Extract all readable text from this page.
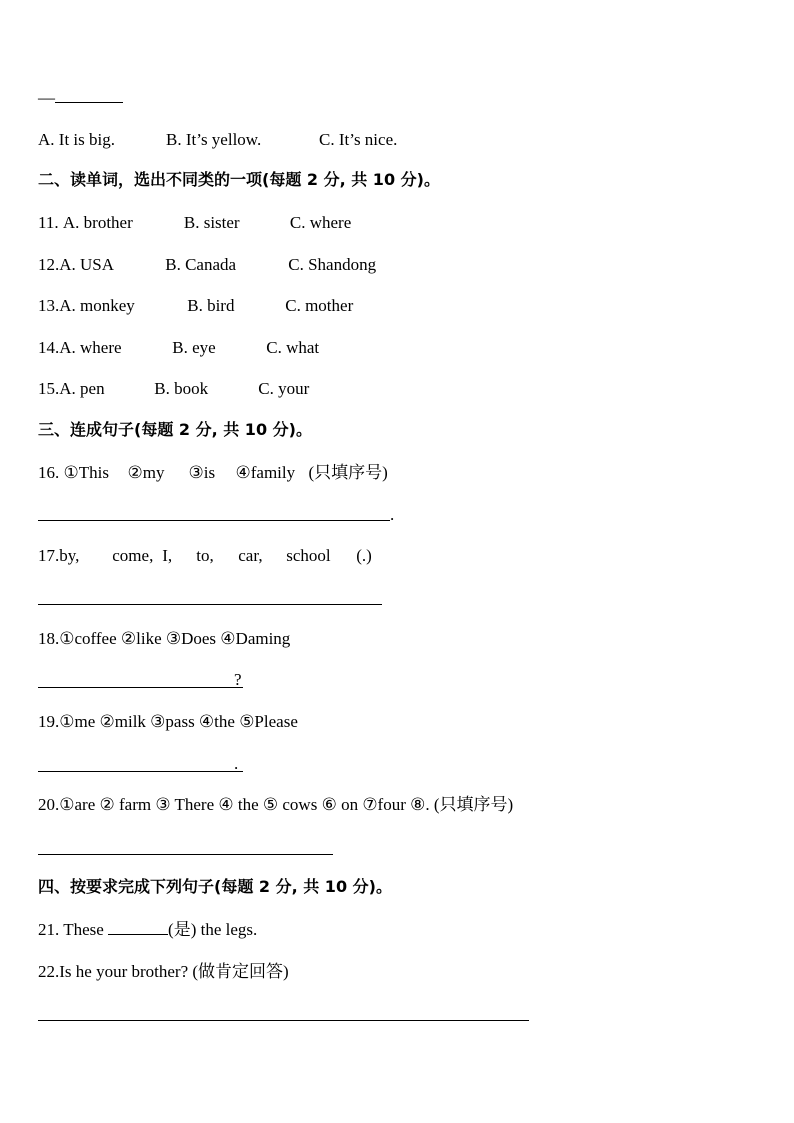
—
A. It is big.	B. It’s yellow.	C. It’s nice.
二、读单词，选出不同类的一项(每题 2 分, 共 10 分)。
11. A. brother	B. sister	C. where
12.A. USA	B. Canada	C. Shandong
13.A. monkey	B. bird	C. mother
14.A. where	B. eye	C. what
15.A. pen	B. book	C. your
三、连成句子(每题 2 分, 共 10 分)。
16. ①This ②my ③is ④family (只填序号)
.
17.by, come, I, to, car, school (.)
18.①coffee ②like ③Does ④Daming
?
19.①me ②milk ③pass ④the ⑤Please
.
20.①are ② farm ③ There ④ the ⑤ cows ⑥ on ⑦four ⑧. (只填序号)
四、按要求完成下列句子(每题 2 分, 共 10 分)。
21. These	(是) the legs.
22.Is he your brother? (做肯定回答)
